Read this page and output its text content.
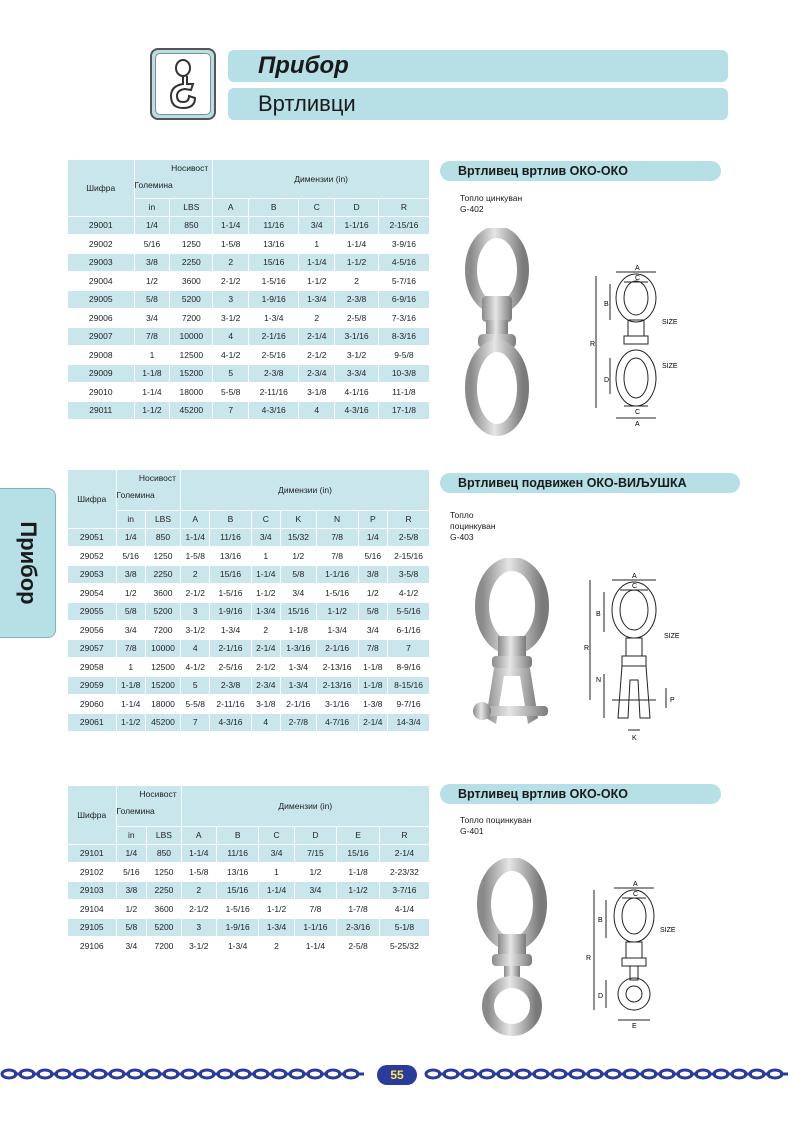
Прибор
Вртливци
Прибор
Шифра	Носивост
Големина		Димензии (in)				
	in	LBS	A	B	C	D	R
29001	1/4	850	1-1/4	11/16	3/4	1-1/16	2-15/16
29002	5/16	1250	1-5/8	13/16	1	1-1/4	3-9/16
29003	3/8	2250	2	15/16	1-1/4	1-1/2	4-5/16
29004	1/2	3600	2-1/2	1-5/16	1-1/2	2	5-7/16
29005	5/8	5200	3	1-9/16	1-3/4	2-3/8	6-9/16
29006	3/4	7200	3-1/2	1-3/4	2	2-5/8	7-3/16
29007	7/8	10000	4	2-1/16	2-1/4	3-1/16	8-3/16
29008	1	12500	4-1/2	2-5/16	2-1/2	3-1/2	9-5/8
29009	1-1/8	15200	5	2-3/8	2-3/4	3-3/4	10-3/8
29010	1-1/4	18000	5-5/8	2-11/16	3-1/8	4-1/16	11-1/8
29011	1-1/2	45200	7	4-3/16	4	4-3/16	17-1/8
Шифра	Носивост
Големина		Димензии (in)						
	in	LBS	A	B	C	K	N	P	R
29051	1/4	850	1-1/4	11/16	3/4	15/32	7/8	1/4	2-5/8
29052	5/16	1250	1-5/8	13/16	1	1/2	7/8	5/16	2-15/16
29053	3/8	2250	2	15/16	1-1/4	5/8	1-1/16	3/8	3-5/8
29054	1/2	3600	2-1/2	1-5/16	1-1/2	3/4	1-5/16	1/2	4-1/2
29055	5/8	5200	3	1-9/16	1-3/4	15/16	1-1/2	5/8	5-5/16
29056	3/4	7200	3-1/2	1-3/4	2	1-1/8	1-3/4	3/4	6-1/16
29057	7/8	10000	4	2-1/16	2-1/4	1-3/16	2-1/16	7/8	7
29058	1	12500	4-1/2	2-5/16	2-1/2	1-3/4	2-13/16	1-1/8	8-9/16
29059	1-1/8	15200	5	2-3/8	2-3/4	1-3/4	2-13/16	1-1/8	8-15/16
29060	1-1/4	18000	5-5/8	2-11/16	3-1/8	2-1/16	3-1/16	1-3/8	9-7/16
29061	1-1/2	45200	7	4-3/16	4	2-7/8	4-7/16	2-1/4	14-3/4
Шифра	Носивост
Големина		Димензии (in)					
	in	LBS	A	B	C	D	E	R
29101	1/4	850	1-1/4	11/16	3/4	7/15	15/16	2-1/4
29102	5/16	1250	1-5/8	13/16	1	1/2	1-1/8	2-23/32
29103	3/8	2250	2	15/16	1-1/4	3/4	1-1/2	3-7/16
29104	1/2	3600	2-1/2	1-5/16	1-1/2	7/8	1-7/8	4-1/4
29105	5/8	5200	3	1-9/16	1-3/4	1-1/16	2-3/16	5-1/8
29106	3/4	7200	3-1/2	1-3/4	2	1-1/4	2-5/8	5-25/32
Вртливец вртлив ОКО-ОКО
Топло цинкуван
G-402
A
C
B
R
D
C
A
SIZE
SIZE
Вртливец подвижен ОКО-ВИЉУШКА
Топло
поцинкуван
G-403
A
C
B
R
N
K
P
SIZE
Вртливец вртлив ОКО-ОКО
Топло поцинкуван
G-401
A
C
B
R
D
E
SIZE
55
